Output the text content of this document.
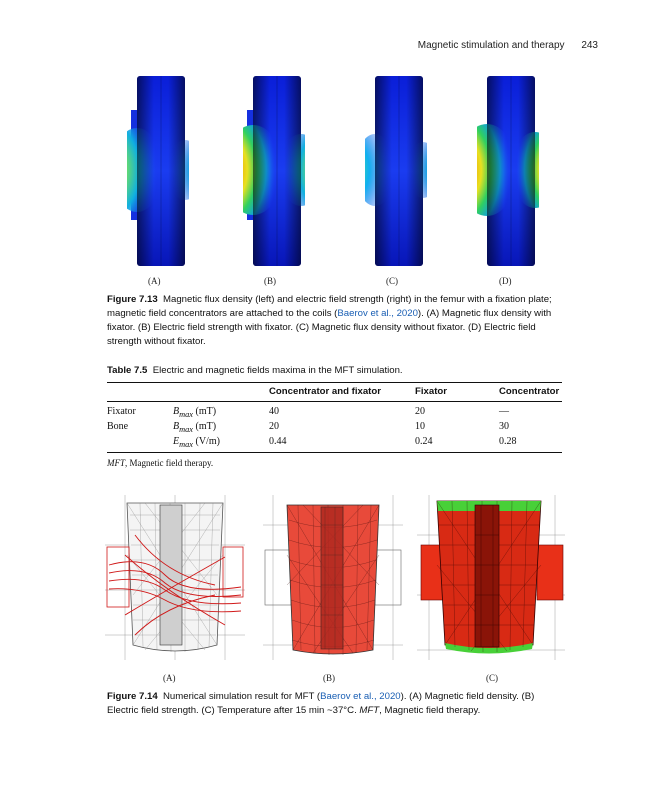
Magnetic stimulation and therapy 243
(A)	(B)	(C)	(D)
Figure 7.13 Magnetic flux density (left) and electric field strength (right) in the femur with a fixation plate; magnetic field concentrators are attached to the coils (Baerov et al., 2020). (A) Magnetic flux density with fixator. (B) Electric field strength with fixator. (C) Magnetic flux density without fixator. (D) Electric field strength without fixator.
Table 7.5 Electric and magnetic fields maxima in the MFT simulation.
		Concentrator and fixator	Fixator	Concentrator
Fixator	$B_{max}$ (mT)	40	20	—
Bone	$B_{max}$ (mT)	20	10	30
	$E_{max}$ (V/m)	0.44	0.24	0.28
MFT, Magnetic field therapy.
(A)	(B)	(C)
Figure 7.14 Numerical simulation result for MFT (Baerov et al., 2020). (A) Magnetic field density. (B) Electric field strength. (C) Temperature after 15 min ~37°C. MFT, Magnetic field therapy.
